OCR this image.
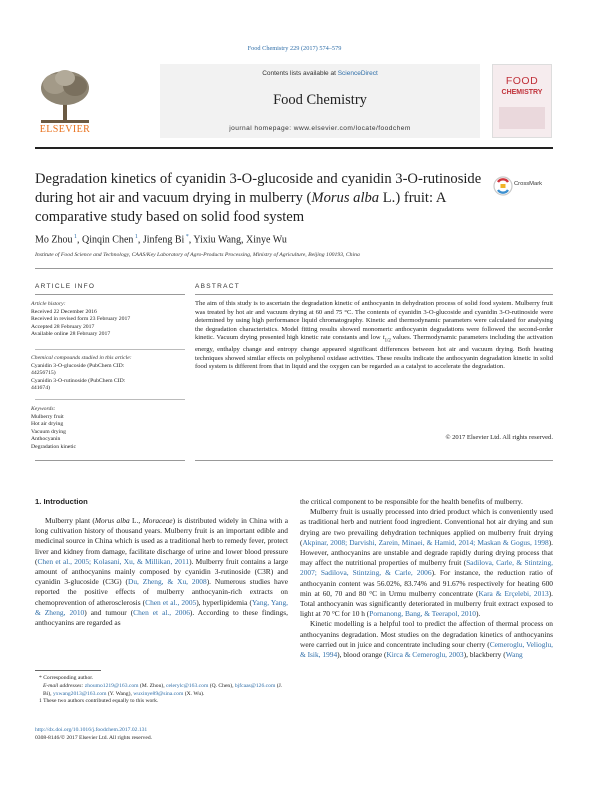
Food Chemistry 229 (2017) 574–579
ELSEVIER
Contents lists available at ScienceDirect
Food Chemistry
journal homepage: www.elsevier.com/locate/foodchem
FOOD
CHEMISTRY
Degradation kinetics of cyanidin 3-O-glucoside and cyanidin 3-O-rutinoside during hot air and vacuum drying in mulberry (Morus alba L.) fruit: A comparative study based on solid food system
CrossMark
Mo Zhou $^1$, Qinqin Chen $^1$, Jinfeng Bi *, Yixiu Wang, Xinye Wu
Institute of Food Science and Technology, CAAS/Key Laboratory of Agro-Products Processing, Ministry of Agriculture, Beijing 100193, China
ARTICLE INFO	ABSTRACT
Article history:
Received 22 December 2016
Received in revised form 23 February 2017
Accepted 28 February 2017
Available online 28 February 2017
Chemical compounds studied in this article:
Cyanidin 3-O-glucoside (PubChem CID:
44256715)
Cyanidin 3-O-rutinoside (PubChem CID:
441674)
Keywords:
Mulberry fruit
Hot air drying
Vacuum drying
Anthocyanin
Degradation kinetic
The aim of this study is to ascertain the degradation kinetic of anthocyanin in dehydration process of solid food system. Mulberry fruit was treated by hot air and vacuum drying at 60 and 75 °C. The contents of cyanidin 3-O-glucoside and cyanidin 3-O-rutinoside were determined by using high performance liquid chromatography. Kinetic and thermodynamic parameters were calculated for analysing the degradation characteristics. Model fitting results showed monomeric anthocyanin degradations were followed the second-order kinetic. Vacuum drying presented high kinetic rate constants and low $t_{1/2}$ values. Thermodynamic parameters including the activation energy, enthalpy change and entropy change appeared significant differences between hot air and vacuum drying. Both heating techniques showed similar effects on polyphenol oxidase activities. These results indicate the anthocyanin degradation kinetic in solid food system is different from that in liquid and the oxygen can be regarded as a catalyst to accelerate the degradation.
© 2017 Elsevier Ltd. All rights reserved.
1. Introduction

Mulberry plant (Morus alba L., Moraceae) is distributed widely in China with a long cultivation history of thousand years. Mulberry fruit is an important edible and medicinal source in China which is used as a traditional herb to remedy fever, protect liver and kidney from damage, facilitate discharge of urine and lower blood pressure (Chen et al., 2005; Kolasani, Xu, & Millikan, 2011). Mulberry fruit contains a large amount of anthocyanins mainly composed by cyanidin 3-rutinoside (C3R) and cyanidin 3-glucoside (C3G) (Du, Zheng, & Xu, 2008). Numerous studies have reported the positive effects of mulberry anthocyanin-rich extracts on chemoprevention of atherosclerosis (Chen et al., 2005), hyperlipidemia (Yang, Yang, & Zheng, 2010) and tumour (Chen et al., 2006). According to these findings, anthocyanins are regarded as

the critical component to be responsible for the health benefits of mulberry.

Mulberry fruit is usually processed into dried product which is conveniently used as traditional herb and nutrient food ingredient. Conventional hot air drying and sun drying are two prevailing dehydration techniques applied on mulberry fruit drying (Akpinar, 2008; Darvishi, Zarein, Minaei, & Hamid, 2014; Maskan & Gogus, 1998). However, anthocyanins are unstable and degrade rapidly during drying process that may affect the nutritional properties of mulberry fruit (Sadilova, Carle, & Stintzing, 2007; Sadilova, Stintzing, & Carle, 2006). For instance, the reduction ratio of anthocyanin content was 56.02%, 83.74% and 91.67% respectively for heating 600 min at 60, 70 and 80 °C in Urmu mulberry concentrate (Kara & Erçelebi, 2013). Total anthocyanin was significantly deteriorated in mulberry fruit extract exposed to light at 70 °C for 10 h (Pornanong, Bang, & Teerapol, 2010).

Kinetic modelling is a helpful tool to predict the affection of thermal process on anthocyanins degradation. Most studies on the degradation kinetics of anthocyanins were carried out in juice and concentrate including sour cherry (Cemeroglu, Velioglu, & Isik, 1994), blood orange (Kirca & Cemeroglu, 2003), blackberry (Wang

* Corresponding author.
E-mail addresses: zhoumo1219@163.com (M. Zhou), celerylc@163.com (Q. Chen), bjfcaas@126.com (J. Bi), yxwang2013@163.com (Y. Wang), wuxinye89@sina.com (X. Wu).
1 These two authors contributed equally to this work.
http://dx.doi.org/10.1016/j.foodchem.2017.02.131
0308-8146/© 2017 Elsevier Ltd. All rights reserved.
